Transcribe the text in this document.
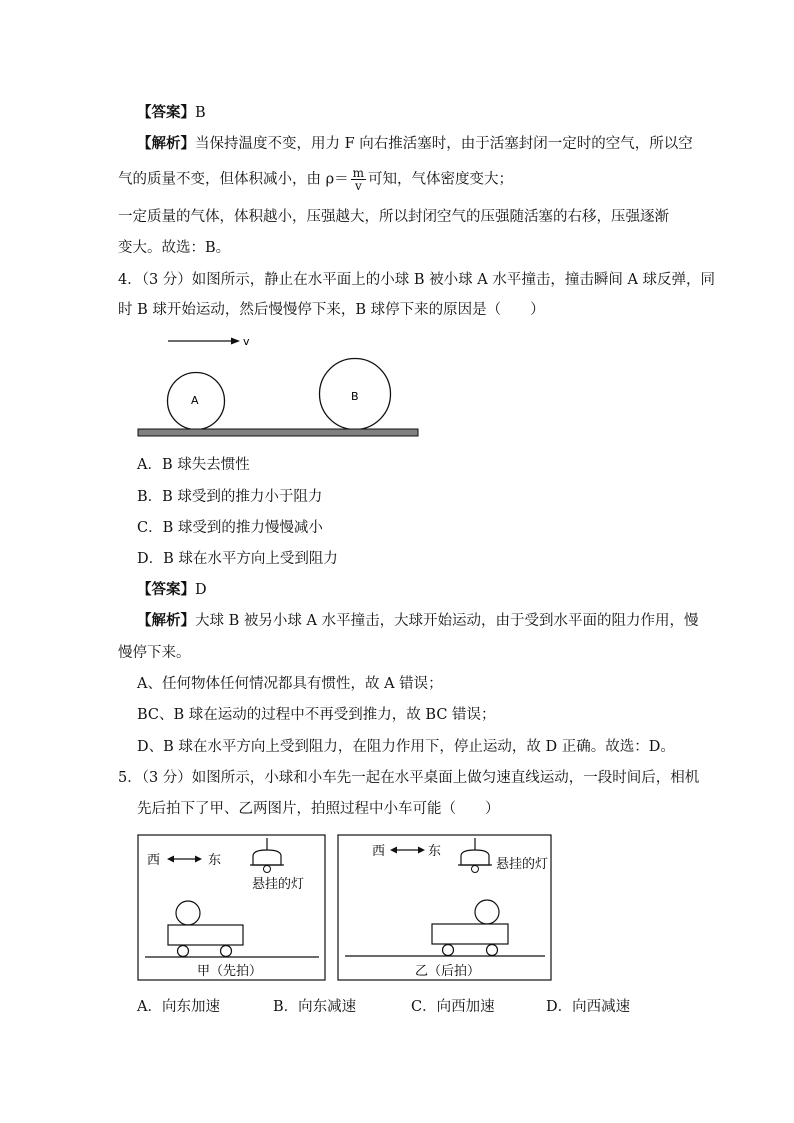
【答案】B
【解析】当保持温度不变，用力 F 向右推活塞时，由于活塞封闭一定时的空气，所以空
气的质量不变，但体积减小，由 $\rho= \frac{m}{v}$ 可知，气体密度变大；
一定质量的气体，体积越小，压强越大，所以封闭空气的压强随活塞的右移，压强逐渐
变大。故选：B。
4．（3 分）如图所示，静止在水平面上的小球 B 被小球 A 水平撞击，撞击瞬间 A 球反弹，同
时 B 球开始运动，然后慢慢停下来，B 球停下来的原因是（　　）
v
A	B
A．B 球失去惯性
B．B 球受到的推力小于阻力
C．B 球受到的推力慢慢减小
D．B 球在水平方向上受到阻力
【答案】D
【解析】大球 B 被另小球 A 水平撞击，大球开始运动，由于受到水平面的阻力作用，慢
慢停下来。
A、任何物体任何情况都具有惯性，故 A 错误；
BC、B 球在运动的过程中不再受到推力，故 BC 错误；
D、B 球在水平方向上受到阻力，在阻力作用下，停止运动，故 D 正确。故选：D。
5．（3 分）如图所示，小球和小车先一起在水平桌面上做匀速直线运动，一段时间后，相机
先后拍下了甲、乙两图片，拍照过程中小车可能（　　）
西	东
悬挂的灯
甲（先拍）
西	东
悬挂的灯
乙（后拍）
A．向东加速	B．向东减速	C．向西加速	D．向西减速
